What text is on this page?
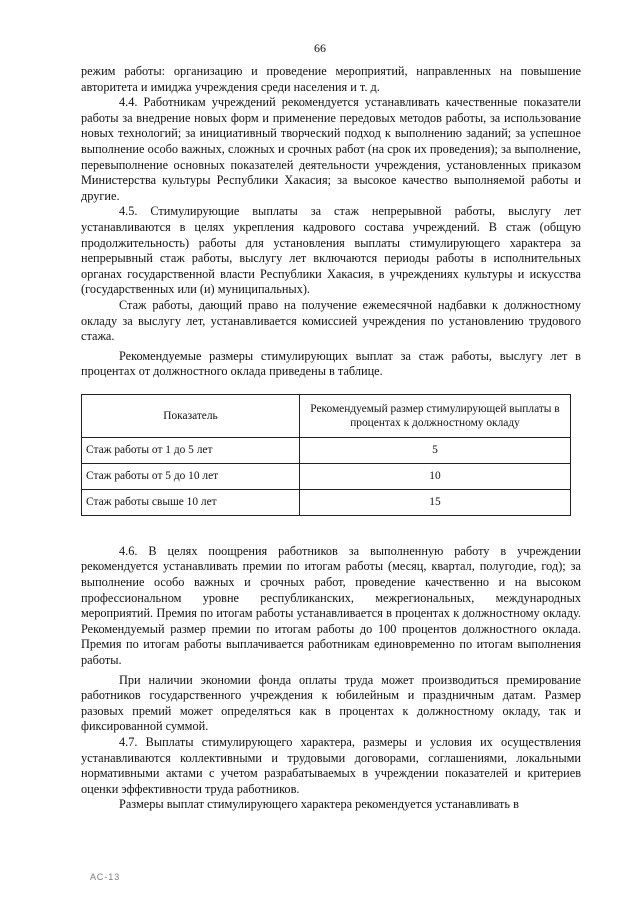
66

режим работы: организацию и проведение мероприятий, направленных на повышение авторитета и имиджа учреждения среди населения и т. д.

4.4. Работникам учреждений рекомендуется устанавливать качественные показатели работы за внедрение новых форм и применение передовых методов работы, за использование новых технологий; за инициативный творческий подход к выполнению заданий; за успешное выполнение особо важных, сложных и срочных работ (на срок их проведения); за выполнение, перевыполнение основных показателей деятельности учреждения, установленных приказом Министерства культуры Республики Хакасия; за высокое качество выполняемой работы и другие.

4.5. Стимулирующие выплаты за стаж непрерывной работы, выслугу лет устанавливаются в целях укрепления кадрового состава учреждений. В стаж (общую продолжительность) работы для установления выплаты стимулирующего характера за непрерывный стаж работы, выслугу лет включаются периоды работы в исполнительных органах государственной власти Республики Хакасия, в учреждениях культуры и искусства (государственных или (и) муниципальных).

Стаж работы, дающий право на получение ежемесячной надбавки к должностному окладу за выслугу лет, устанавливается комиссией учреждения по установлению трудового стажа.

Рекомендуемые размеры стимулирующих выплат за стаж работы, выслугу лет в процентах от должностного оклада приведены в таблице.

Показатель	Рекомендуемый размер стимулирующей выплаты в процентах к должностному окладу
Стаж работы от 1 до 5 лет	5
Стаж работы от 5 до 10 лет	10
Стаж работы свыше 10 лет	15

4.6. В целях поощрения работников за выполненную работу в учреждении рекомендуется устанавливать премии по итогам работы (месяц, квартал, полугодие, год); за выполнение особо важных и срочных работ, проведение качественно и на высоком профессиональном уровне республиканских, межрегиональных, международных мероприятий. Премия по итогам работы устанавливается в процентах к должностному окладу. Рекомендуемый размер премии по итогам работы до 100 процентов должностного оклада. Премия по итогам работы выплачивается работникам единовременно по итогам выполнения работы.

При наличии экономии фонда оплаты труда может производиться премирование работников государственного учреждения к юбилейным и праздничным датам. Размер разовых премий может определяться как в процентах к должностному окладу, так и фиксированной суммой.

4.7. Выплаты стимулирующего характера, размеры и условия их осуществления устанавливаются коллективными и трудовыми договорами, соглашениями, локальными нормативными актами с учетом разрабатываемых в учреждении показателей и критериев оценки эффективности труда работников.

Размеры выплат стимулирующего характера рекомендуется устанавливать в

АС-13
